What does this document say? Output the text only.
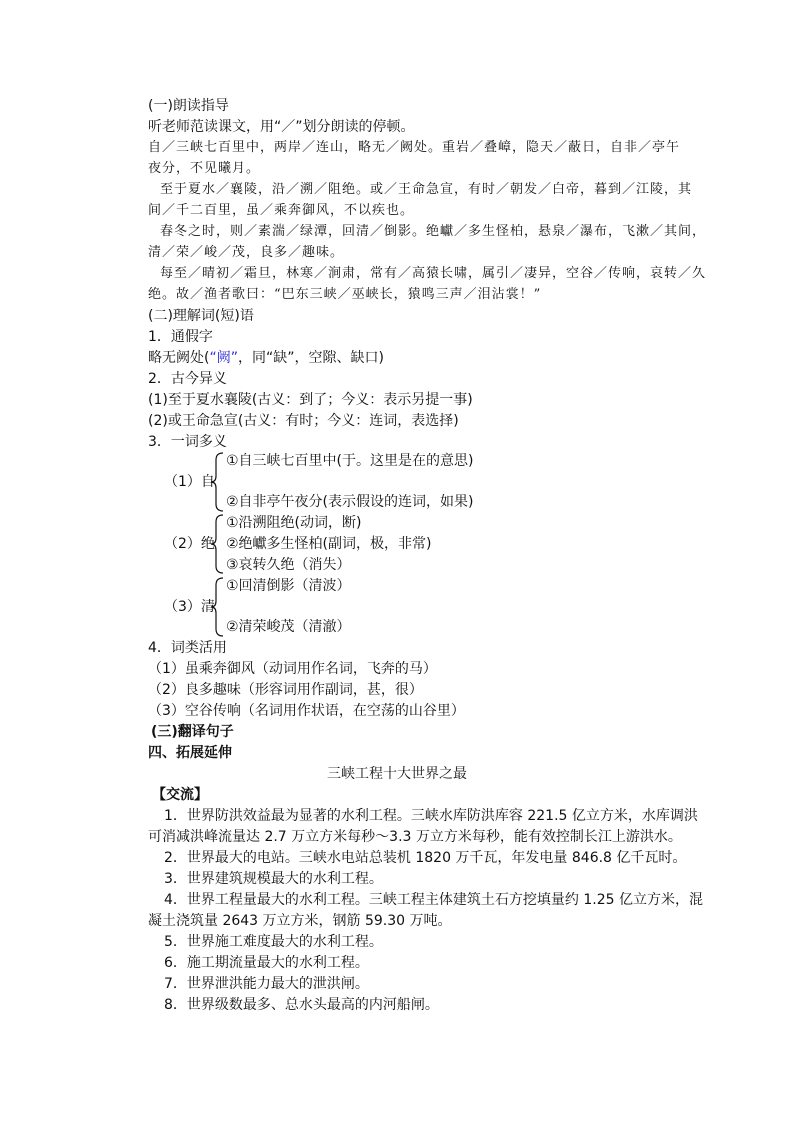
(一)朗读指导
听老师范读课文，用“／”划分朗读的停顿。
自／三峡七百里中，两岸／连山，略无／阙处。重岩／叠嶂，隐天／蔽日，自非／亭午
夜分，不见曦月。
至于夏水／襄陵，沿／溯／阻绝。或／王命急宣，有时／朝发／白帝，暮到／江陵，其
间／千二百里，虽／乘奔御风，不以疾也。
春冬之时，则／素湍／绿潭，回清／倒影。绝巘／多生怪柏，悬泉／瀑布，飞漱／其间，
清／荣／峻／茂，良多／趣味。
每至／晴初／霜旦，林寒／涧肃，常有／高猿长啸，属引／凄异，空谷／传响，哀转／久
绝。故／渔者歌曰：“巴东三峡／巫峡长，猿鸣三声／泪沾裳！”
(二)理解词(短)语
1．通假字
略无阙处(“阙”，同“缺”，空隙、缺口)
2．古今异义
(1)至于夏水襄陵(古义：到了；今义：表示另提一事)
(2)或王命急宣(古义：有时；今义：连词，表选择)
3．一词多义
（1）自
①自三峡七百里中(于。这里是在的意思)
②自非亭午夜分(表示假设的连词，如果)
（2）绝
①沿溯阻绝(动词，断)
②绝巘多生怪柏(副词，极，非常)
③哀转久绝（消失）
（3）清
①回清倒影（清波）
②清荣峻茂（清澈）
4．词类活用
（1）虽乘奔御风（动词用作名词，飞奔的马）
（2）良多趣味（形容词用作副词，甚，很）
（3）空谷传响（名词用作状语，在空荡的山谷里）
(三)翻译句子
四、拓展延伸
三峡工程十大世界之最
【交流】
1．世界防洪效益最为显著的水利工程。三峡水库防洪库容 221.5 亿立方米，水库调洪
可消减洪峰流量达 2.7 万立方米每秒～3.3 万立方米每秒，能有效控制长江上游洪水。
2．世界最大的电站。三峡水电站总装机 1820 万千瓦，年发电量 846.8 亿千瓦时。
3．世界建筑规模最大的水利工程。
4．世界工程量最大的水利工程。三峡工程主体建筑土石方挖填量约 1.25 亿立方米，混
凝土浇筑量 2643 万立方米，钢筋 59.30 万吨。
5．世界施工难度最大的水利工程。
6．施工期流量最大的水利工程。
7．世界泄洪能力最大的泄洪闸。
8．世界级数最多、总水头最高的内河船闸。
